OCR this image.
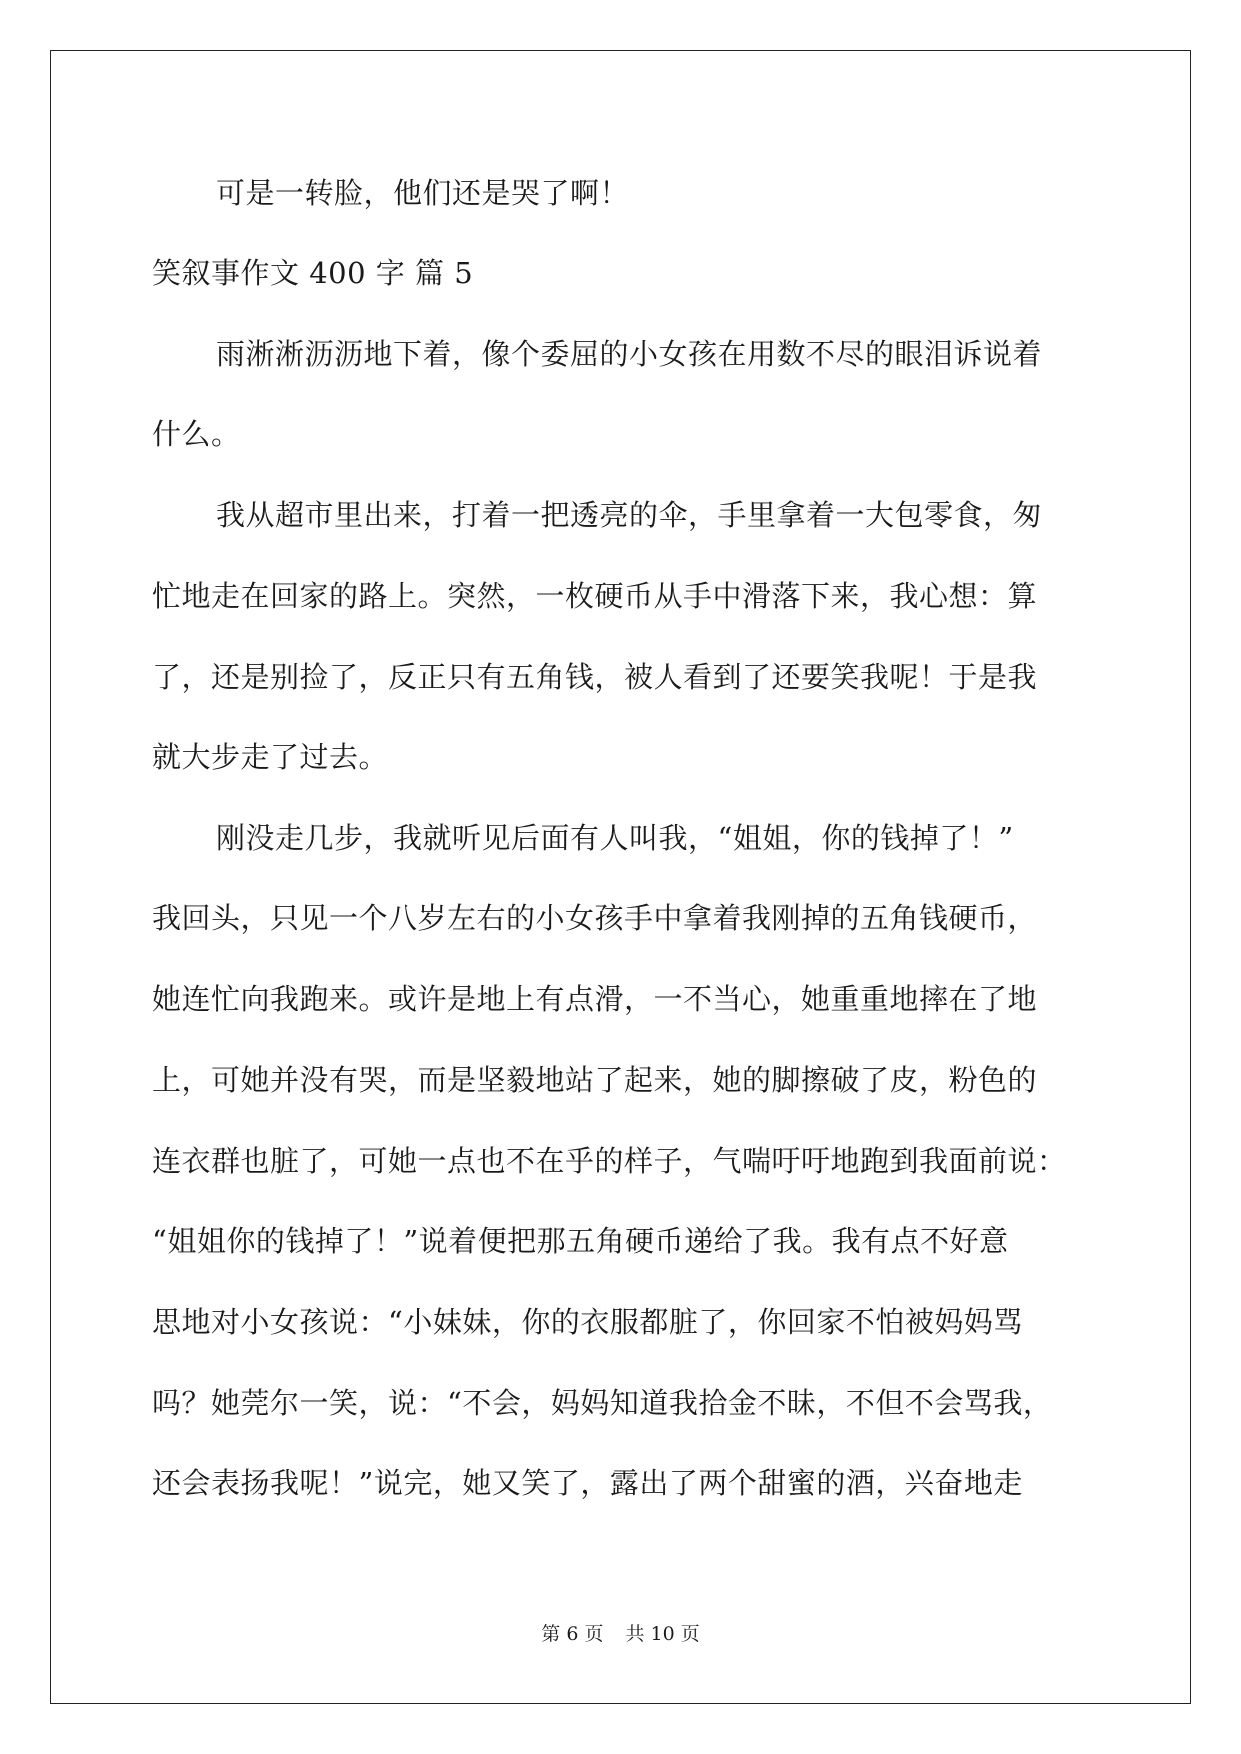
可是一转脸，他们还是哭了啊！
笑叙事作文 400 字 篇 5
雨淅淅沥沥地下着，像个委屈的小女孩在用数不尽的眼泪诉说着
什么。
我从超市里出来，打着一把透亮的伞，手里拿着一大包零食，匆
忙地走在回家的路上。突然，一枚硬币从手中滑落下来，我心想：算
了，还是别捡了，反正只有五角钱，被人看到了还要笑我呢！于是我
就大步走了过去。
刚没走几步，我就听见后面有人叫我，“姐姐，你的钱掉了！”
我回头，只见一个八岁左右的小女孩手中拿着我刚掉的五角钱硬币，
她连忙向我跑来。或许是地上有点滑，一不当心，她重重地摔在了地
上，可她并没有哭，而是坚毅地站了起来，她的脚擦破了皮，粉色的
连衣群也脏了，可她一点也不在乎的样子，气喘吁吁地跑到我面前说：
“姐姐你的钱掉了！”说着便把那五角硬币递给了我。我有点不好意
思地对小女孩说：“小妹妹，你的衣服都脏了，你回家不怕被妈妈骂
吗？她莞尔一笑，说：“不会，妈妈知道我拾金不昧，不但不会骂我，
还会表扬我呢！”说完，她又笑了，露出了两个甜蜜的酒，兴奋地走
第 6 页 共 10 页
